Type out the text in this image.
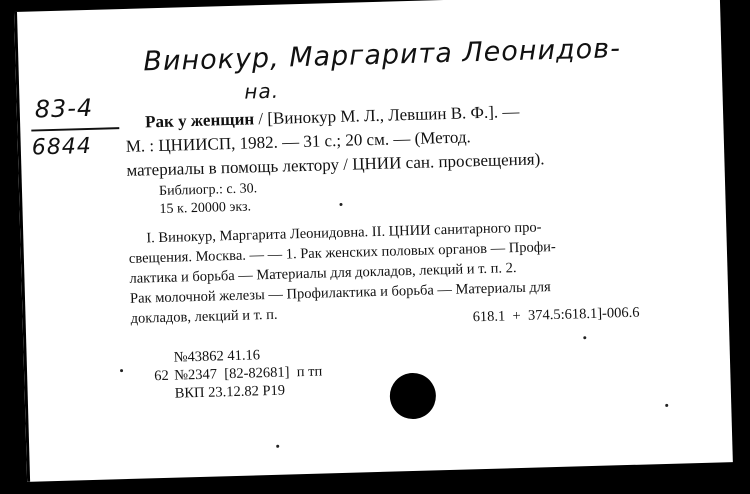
Винокур, Маргарита Леонидов-
на.
83-4
6844
Рак у женщин / [Винокур М. Л., Левшин В. Ф.]. —
М. : ЦНИИСП, 1982. — 31 с.; 20 см. — (Метод.
материалы в помощь лектору / ЦНИИ сан. просвещения).
Библиогр.: с. 30.
15 к. 20000 экз.
I. Винокур, Маргарита Леонидовна. II. ЦНИИ санитарного про-
свещения. Москва. — — 1. Рак женских половых органов — Профи-
лактика и борьба — Материалы для докладов, лекций и т. п. 2.
Рак молочной железы — Профилактика и борьба — Материалы для
докладов, лекций и т. п.	618.1  +  374.5:618.1]-006.6
№43862 41.16
62 №2347  [82-82681]  п тп
ВКП 23.12.82 Р19
